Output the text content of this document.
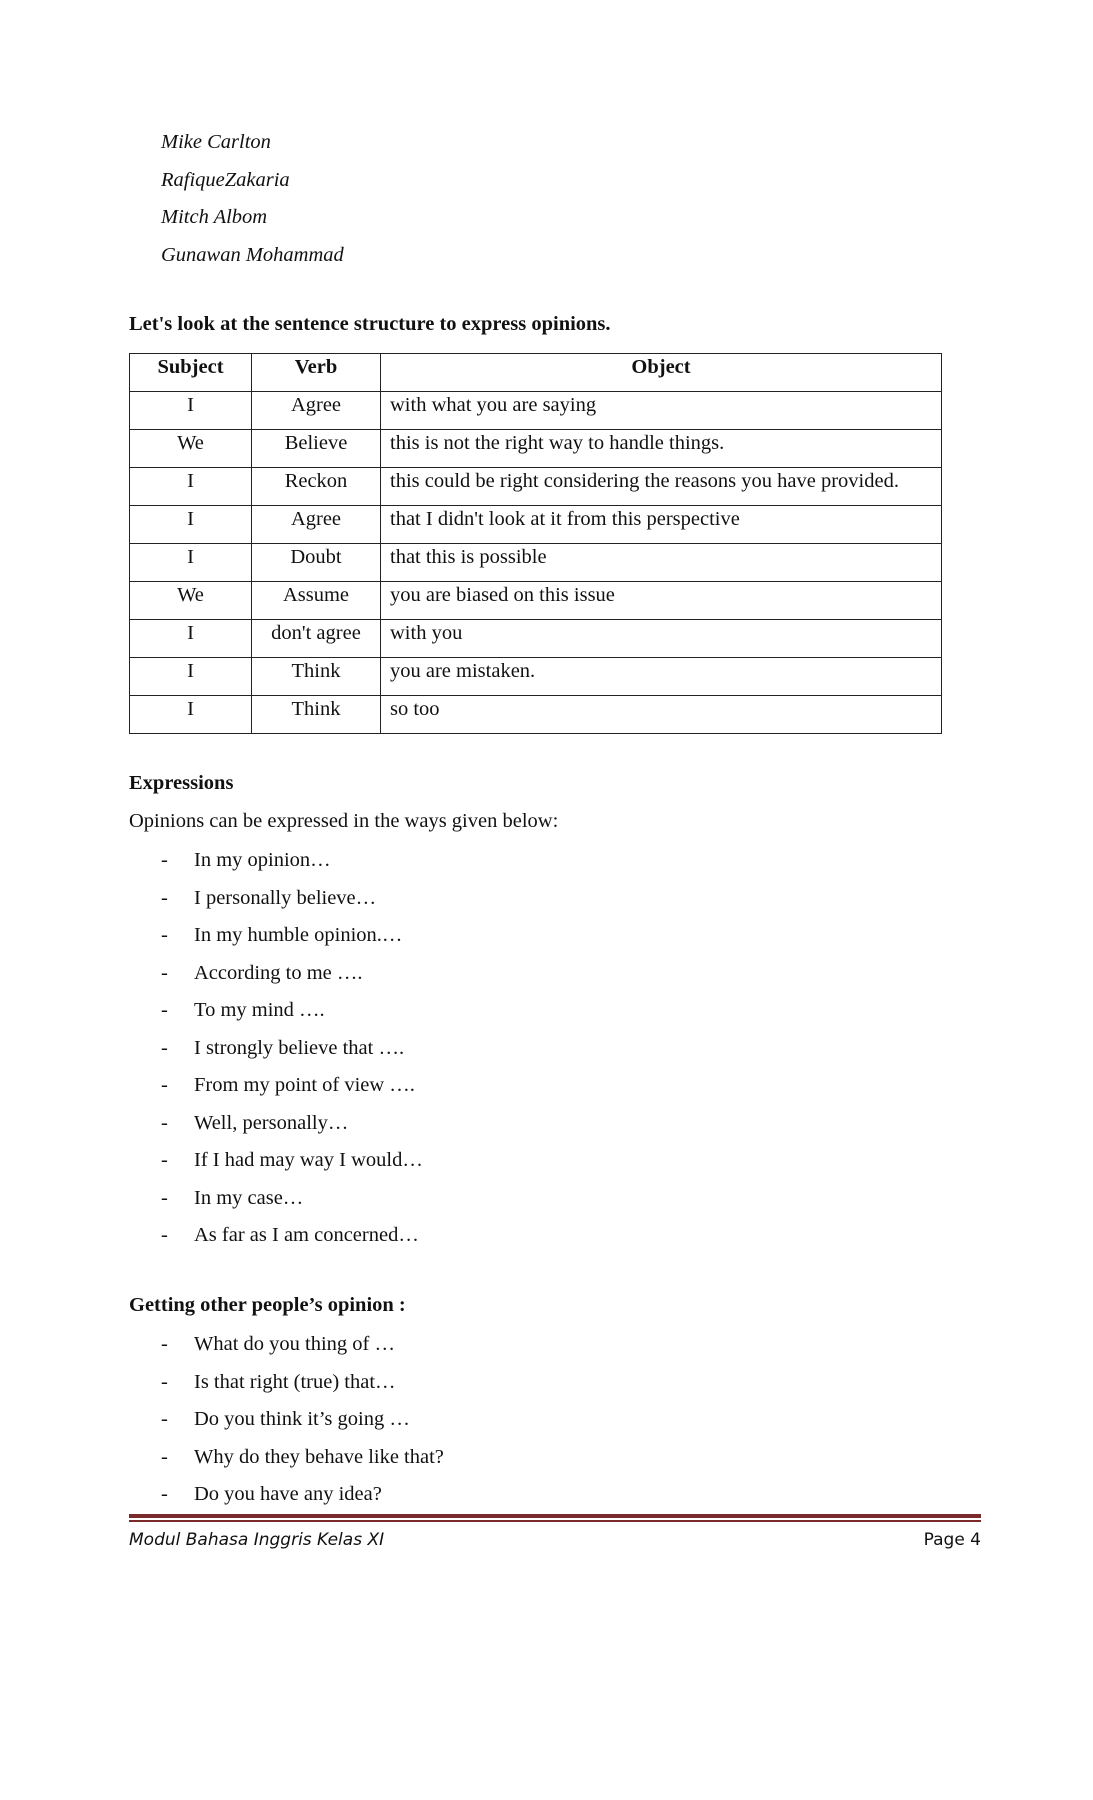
Mike Carlton
RafiqueZakaria
Mitch Albom
Gunawan Mohammad

Let's look at the sentence structure to express opinions.

Subject	Verb	Object
I	Agree	with what you are saying
We	Believe	this is not the right way to handle things.
I	Reckon	this could be right considering the reasons you have provided.
I	Agree	that I didn't look at it from this perspective
I	Doubt	that this is possible
We	Assume	you are biased on this issue
I	don't agree	with you
I	Think	you are mistaken.
I	Think	so too

Expressions

Opinions can be expressed in the ways given below:

- In my opinion…
- I personally believe…
- In my humble opinion.…
- According to me ….
- To my mind ….
- I strongly believe that ….
- From my point of view ….
- Well, personally…
- If I had may way I would…
- In my case…
- As far as I am concerned…

Getting other people’s opinion :

- What do you thing of …
- Is that right (true) that…
- Do you think it’s going …
- Why do they behave like that?
- Do you have any idea?
Modul Bahasa Inggris Kelas XI	Page 4
